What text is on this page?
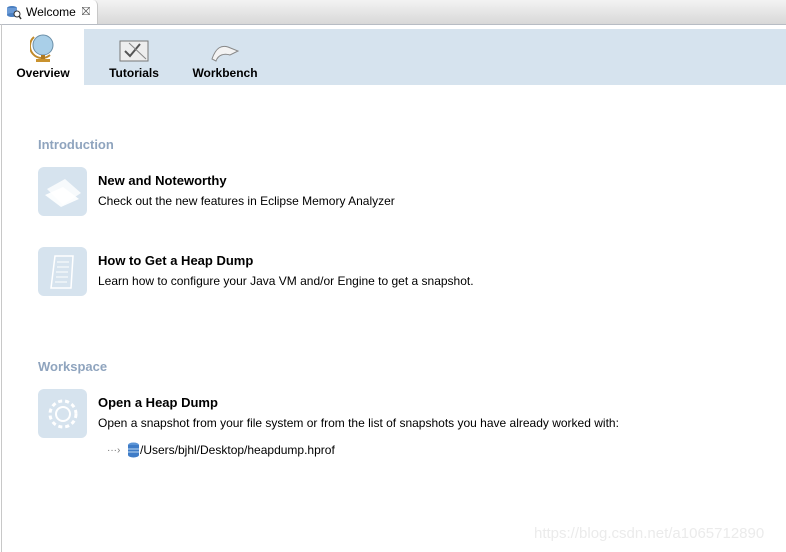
Welcome ⛝
Overview	Tutorials	Workbench
Introduction
New and Noteworthy
Check out the new features in Eclipse Memory Analyzer
How to Get a Heap Dump
Learn how to configure your Java VM and/or Engine to get a snapshot.
Workspace
Open a Heap Dump
Open a snapshot from your file system or from the list of snapshots you have already worked with:
···›	/Users/bjhl/Desktop/heapdump.hprof
https://blog.csdn.net/a1065712890
